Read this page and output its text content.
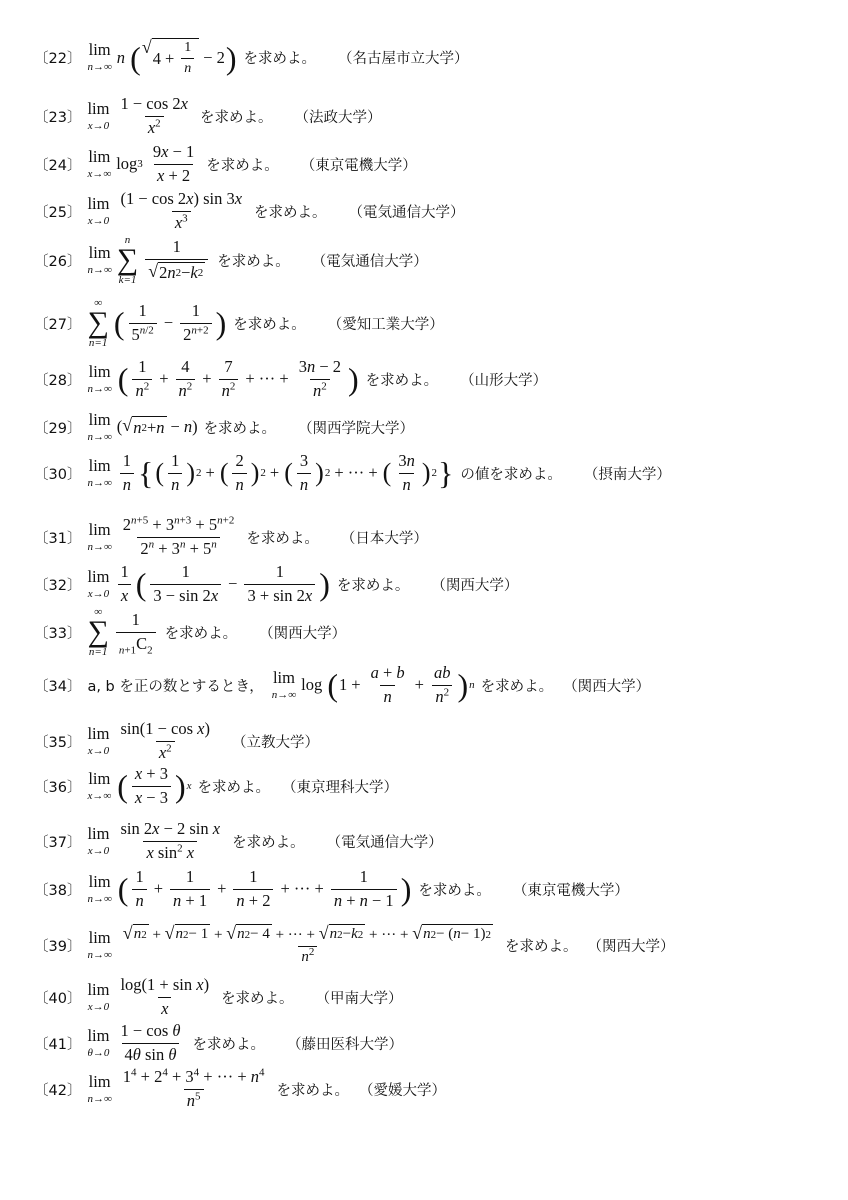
〔22〕 lim
n→∞
n
( √
$4 + \frac{1}{n} - 2$ ) を求めよ。 （名古屋市立大学）
〔23〕 lim
$x\to 0 \frac{1 - \cos 2x}{x^2}$ を求めよ。 （法政大学）
〔24〕 lim
x→∞
log 3
$\frac{9x - 1}{x + 2}$ を求めよ。 （東京電機大学）
〔25〕 lim
$x\to 0 \frac{(1 - \cos 2x) \sin 3x}{x^3}$ を求めよ。 （電気通信大学）
〔26〕 lim
n→∞
n
∑
$k=1 \frac{1}{√ 2 n 2 - k 2}$ を求めよ。 （電気通信大学）
〔27〕
∞
∑
n=1
( $\frac{1}{5^{n/2}} - \frac{1}{2^{n+2}}$ ) を求めよ。 （愛知工業大学）
〔28〕 lim
n→∞ ( $\frac{1}{n^2} + \frac{4}{n^2} + \frac{7}{n^2}$ + ··· + $\frac{3n - 2}{n^2}$ ) を求めよ。 （山形大学）
〔29〕 lim
n→∞
( √ n 2 + n − n ) を求めよ。 （関西学院大学）
〔30〕 lim
$n\to\infty \frac{1}{n}$ { ( $\frac{1}{n}$ ) 2 + ( $\frac{2}{n}$ ) 2 + ( $\frac{3}{n}$ ) 2 + ··· + ( $\frac{3n}{n}$ ) 2 } の値を求めよ。 （摂南大学）
〔31〕 lim
$n\to\infty \frac{2^{n+5} + 3^{n+3} + 5^{n+2}}{2^n + 3^n + 5^n}$ を求めよ。 （日本大学）
〔32〕 lim
$x\to 0 \frac{1}{x}$ ( $\frac{1}{3 - \sin 2x} - \frac{1}{3 + \sin 2x}$ ) を求めよ。 （関西大学）
〔33〕
∞
∑
$n=1 \frac{1}{_{n+1}C_2}$ を求めよ。 （関西大学）
〔34〕 a, b を正の数とするとき， lim
n→∞
log ( $1 + \frac{a + b}{n} + \frac{ab}{n^2}$ ) n を求めよ。 （関西大学）
〔35〕 lim
$x\to 0 \frac{\text{sin(1 − cos x)}}{x^2}$ （立教大学）
〔36〕 lim
x→∞ ( $\frac{x + 3}{x - 3}$ ) x を求めよ。 （東京理科大学）
〔37〕 lim
$x\to 0 \frac{\text{sin 2x − 2 sin x}}{x \sin^2 x}$ を求めよ。 （電気通信大学）
〔38〕 lim
n→∞ ( $\frac{1}{n} + \frac{1}{n + 1} + \frac{1}{n + 2}$ + ··· + $\frac{1}{n + n - 1}$ ) を求めよ。 （東京電機大学）
〔39〕 lim
n→∞
√ n 2 + √ n 2 − 1 + √ n 2 − 4 + ··· + √ n 2 − k 2 + ··· + √ n 2 − ( n − 1) 2
$n^2$	を求めよ。 （関西大学）
〔40〕 lim
$x\to 0 \frac{\text{log(1 + sin x)}}{x}$ を求めよ。 （甲南大学）
〔41〕 lim
$\theta\to 0 \frac{\text{1 − cos θ}}{\text{4θ sin θ}}$ を求めよ。 （藤田医科大学）
〔42〕 lim
$n\to\infty \frac{1^4 + 2^4 + 3^4 + \cdot\cdot\cdot + n^4}{n^5}$ を求めよ。 （愛媛大学）
